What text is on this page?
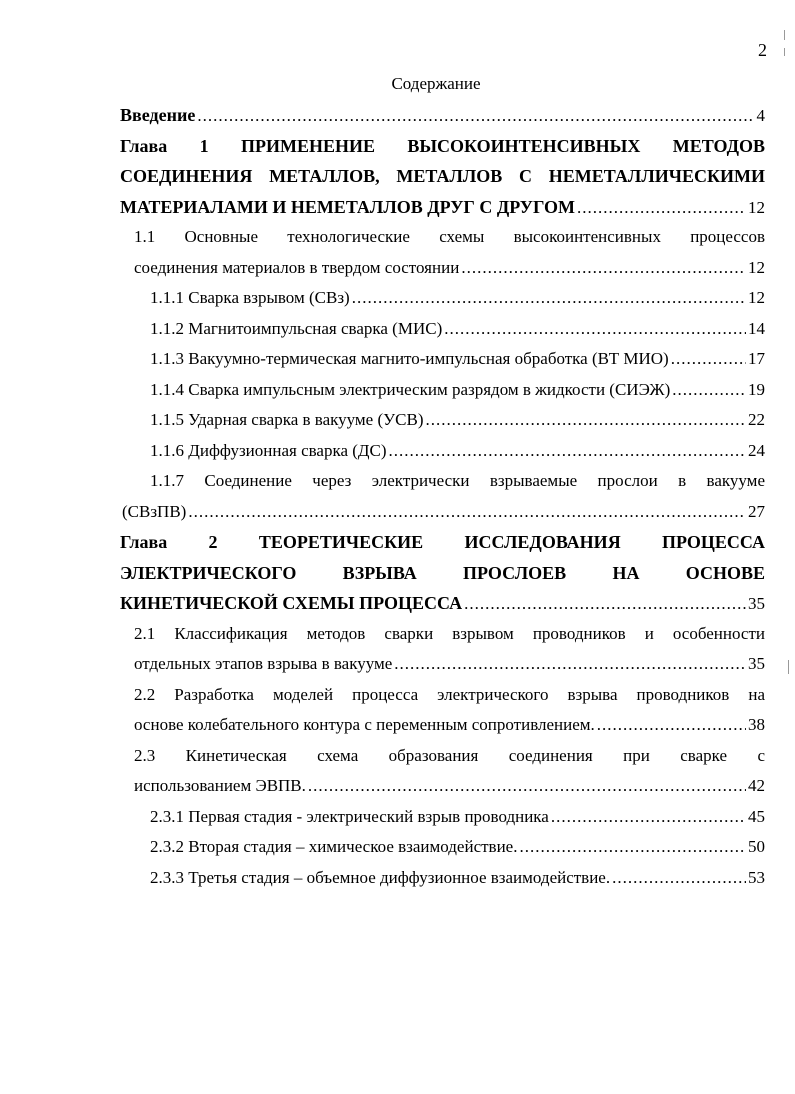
2
Содержание
Введение .....	4
Глава 1 ПРИМЕНЕНИЕ ВЫСОКОИНТЕНСИВНЫХ МЕТОДОВ
СОЕДИНЕНИЯ МЕТАЛЛОВ, МЕТАЛЛОВ С НЕМЕТАЛЛИЧЕСКИМИ
МАТЕРИАЛАМИ И НЕМЕТАЛЛОВ ДРУГ С ДРУГОМ .....	12
1.1 Основные технологические схемы высокоинтенсивных процессов
соединения материалов в твердом состоянии .....	12
1.1.1 Сварка взрывом (СВз) .....	12
1.1.2 Магнитоимпульсная сварка (МИС) .....	14
1.1.3 Вакуумно-термическая магнито-импульсная обработка (ВТ МИО) .....	17
1.1.4 Сварка импульсным электрическим разрядом в жидкости (СИЭЖ) .....	19
1.1.5 Ударная сварка в вакууме (УСВ) .....	22
1.1.6 Диффузионная сварка (ДС) .....	24
1.1.7 Соединение через электрически взрываемые прослои в вакууме
(СВзПВ) .....	27
Глава 2 ТЕОРЕТИЧЕСКИЕ ИССЛЕДОВАНИЯ ПРОЦЕССА
ЭЛЕКТРИЧЕСКОГО ВЗРЫВА ПРОСЛОЕВ НА ОСНОВЕ
КИНЕТИЧЕСКОЙ СХЕМЫ ПРОЦЕССА .....	35
2.1 Классификация методов сварки взрывом проводников и особенности
отдельных этапов взрыва в вакууме .....	35
2.2 Разработка моделей процесса электрического взрыва проводников на
основе колебательного контура с переменным сопротивлением. .....	38
2.3 Кинетическая схема образования соединения при сварке с
использованием ЭВПВ. .....	42
2.3.1 Первая стадия - электрический взрыв проводника .....	45
2.3.2 Вторая стадия – химическое взаимодействие. .....	50
2.3.3 Третья стадия – объемное диффузионное взаимодействие. .....	53
